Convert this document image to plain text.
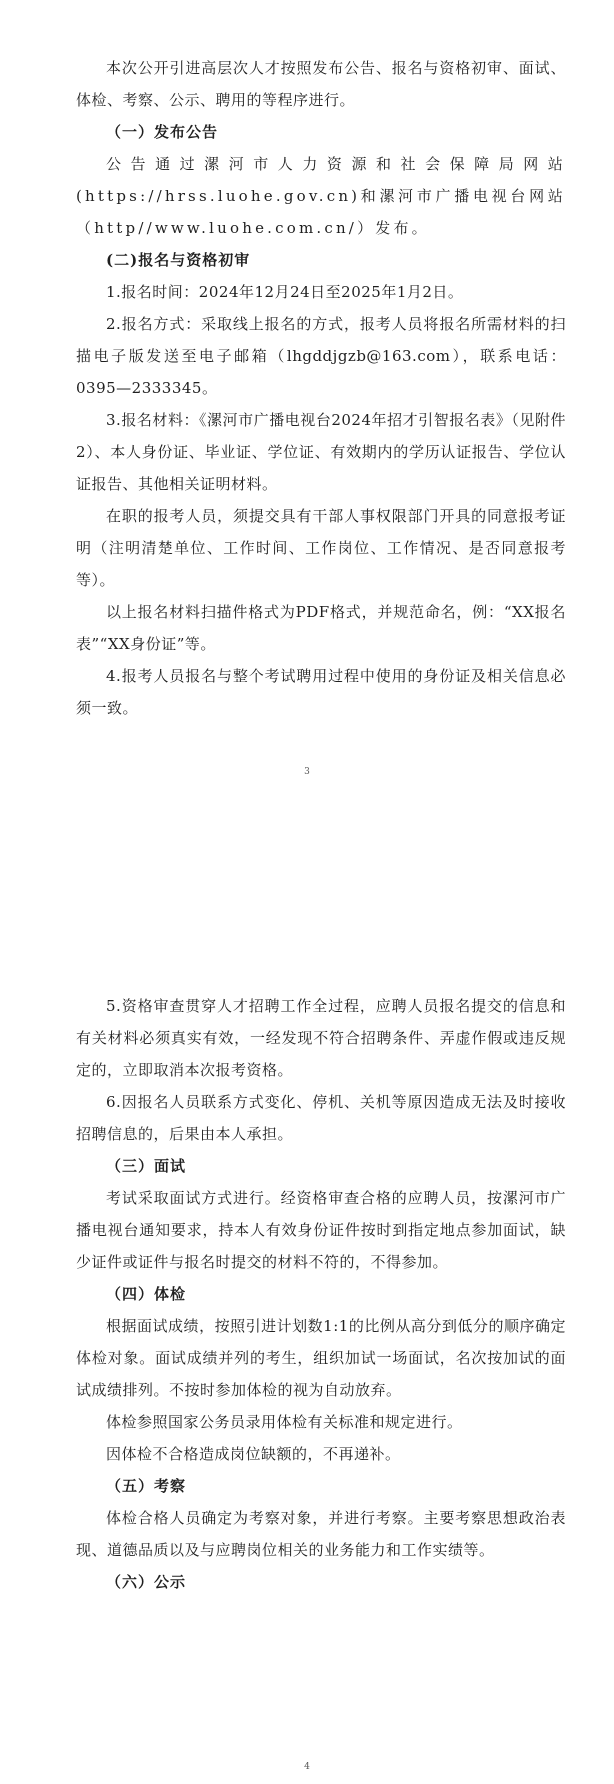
本次公开引进高层次人才按照发布公告、报名与资格初审、面试、体检、考察、公示、聘用的等程序进行。

（一）发布公告

公告通过漯河市人力资源和社会保障局网站(https://hrss.luohe.gov.cn)和漯河市广播电视台网站（http//www.luohe.com.cn/）发布。

(二)报名与资格初审

1.报名时间：2024年12月24日至2025年1月2日。

2.报名方式：采取线上报名的方式，报考人员将报名所需材料的扫描电子版发送至电子邮箱（lhgddjgzb@163.com），联系电话：0395—2333345。

3.报名材料：《漯河市广播电视台2024年招才引智报名表》（见附件2）、本人身份证、毕业证、学位证、有效期内的学历认证报告、学位认证报告、其他相关证明材料。

在职的报考人员，须提交具有干部人事权限部门开具的同意报考证明（注明清楚单位、工作时间、工作岗位、工作情况、是否同意报考等）。

以上报名材料扫描件格式为PDF格式，并规范命名，例：“XX报名表”“XX身份证”等。

4.报考人员报名与整个考试聘用过程中使用的身份证及相关信息必须一致。

3

5.资格审查贯穿人才招聘工作全过程，应聘人员报名提交的信息和有关材料必须真实有效，一经发现不符合招聘条件、弄虚作假或违反规定的，立即取消本次报考资格。

6.因报名人员联系方式变化、停机、关机等原因造成无法及时接收招聘信息的，后果由本人承担。

（三）面试

考试采取面试方式进行。经资格审查合格的应聘人员，按漯河市广播电视台通知要求，持本人有效身份证件按时到指定地点参加面试，缺少证件或证件与报名时提交的材料不符的，不得参加。

（四）体检

根据面试成绩，按照引进计划数1:1的比例从高分到低分的顺序确定体检对象。面试成绩并列的考生，组织加试一场面试，名次按加试的面试成绩排列。不按时参加体检的视为自动放弃。

体检参照国家公务员录用体检有关标准和规定进行。

因体检不合格造成岗位缺额的，不再递补。

（五）考察

体检合格人员确定为考察对象，并进行考察。主要考察思想政治表现、道德品质以及与应聘岗位相关的业务能力和工作实绩等。

（六）公示

4
